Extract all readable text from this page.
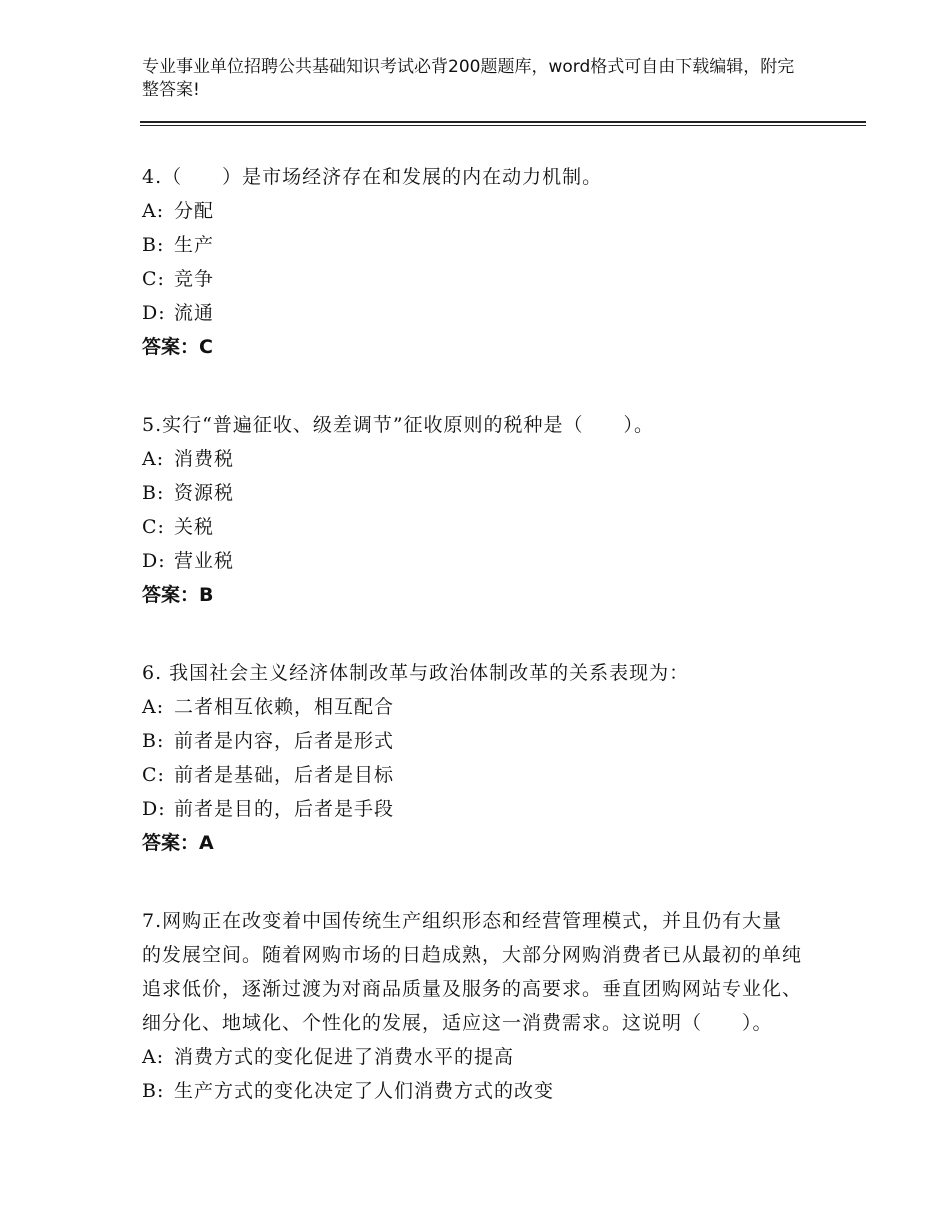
专业事业单位招聘公共基础知识考试必背200题题库，word格式可自由下载编辑，附完整答案!
4.（　　）是市场经济存在和发展的内在动力机制。
A: 分配
B: 生产
C: 竞争
D: 流通
答案：C
5.实行“普遍征收、级差调节”征收原则的税种是（　　）。
A: 消费税
B: 资源税
C: 关税
D: 营业税
答案：B
6. 我国社会主义经济体制改革与政治体制改革的关系表现为：
A: 二者相互依赖，相互配合
B: 前者是内容，后者是形式
C: 前者是基础，后者是目标
D: 前者是目的，后者是手段
答案：A
7.网购正在改变着中国传统生产组织形态和经营管理模式，并且仍有大量的发展空间。随着网购市场的日趋成熟，大部分网购消费者已从最初的单纯追求低价，逐渐过渡为对商品质量及服务的高要求。垂直团购网站专业化、细分化、地域化、个性化的发展，适应这一消费需求。这说明（　　）。
A: 消费方式的变化促进了消费水平的提高
B: 生产方式的变化决定了人们消费方式的改变
